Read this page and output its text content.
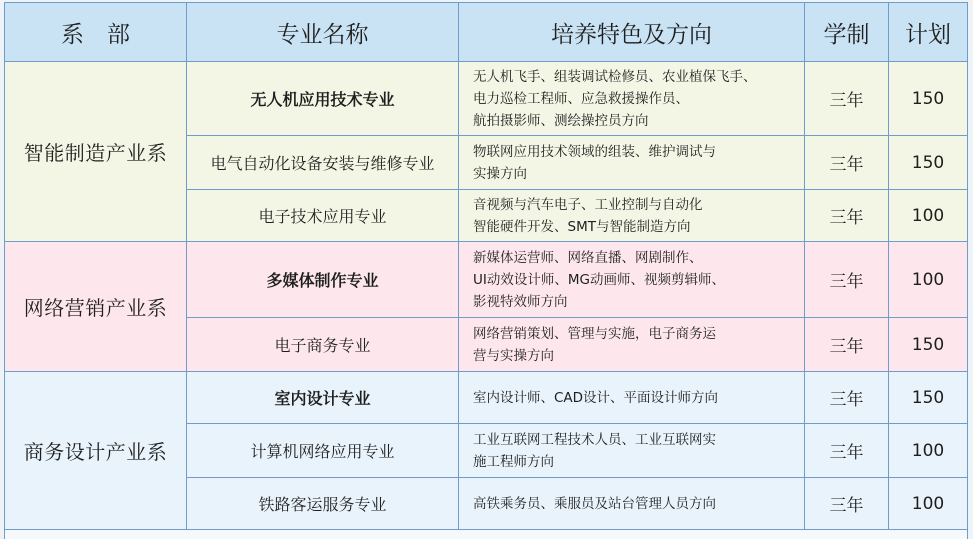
系　部	专业名称	培养特色及方向	学制	计划
智能制造产业系	无人机应用技术专业	无人机飞手、组装调试检修员、农业植保飞手、
电力巡检工程师、应急救援操作员、
航拍摄影师、测绘操控员方向	三年	150
	电气自动化设备安装与维修专业	物联网应用技术领域的组装、维护调试与
实操方向	三年	150
	电子技术应用专业	音视频与汽车电子、工业控制与自动化
智能硬件开发、SMT与智能制造方向	三年	100
网络营销产业系	多媒体制作专业	新媒体运营师、网络直播、网剧制作、
UI动效设计师、MG动画师、视频剪辑师、
影视特效师方向	三年	100
	电子商务专业	网络营销策划、管理与实施，电子商务运
营与实操方向	三年	150
商务设计产业系	室内设计专业	室内设计师、CAD设计、平面设计师方向	三年	150
	计算机网络应用专业	工业互联网工程技术人员、工业互联网实
施工程师方向	三年	100
	铁路客运服务专业	高铁乘务员、乘服员及站台管理人员方向	三年	100
